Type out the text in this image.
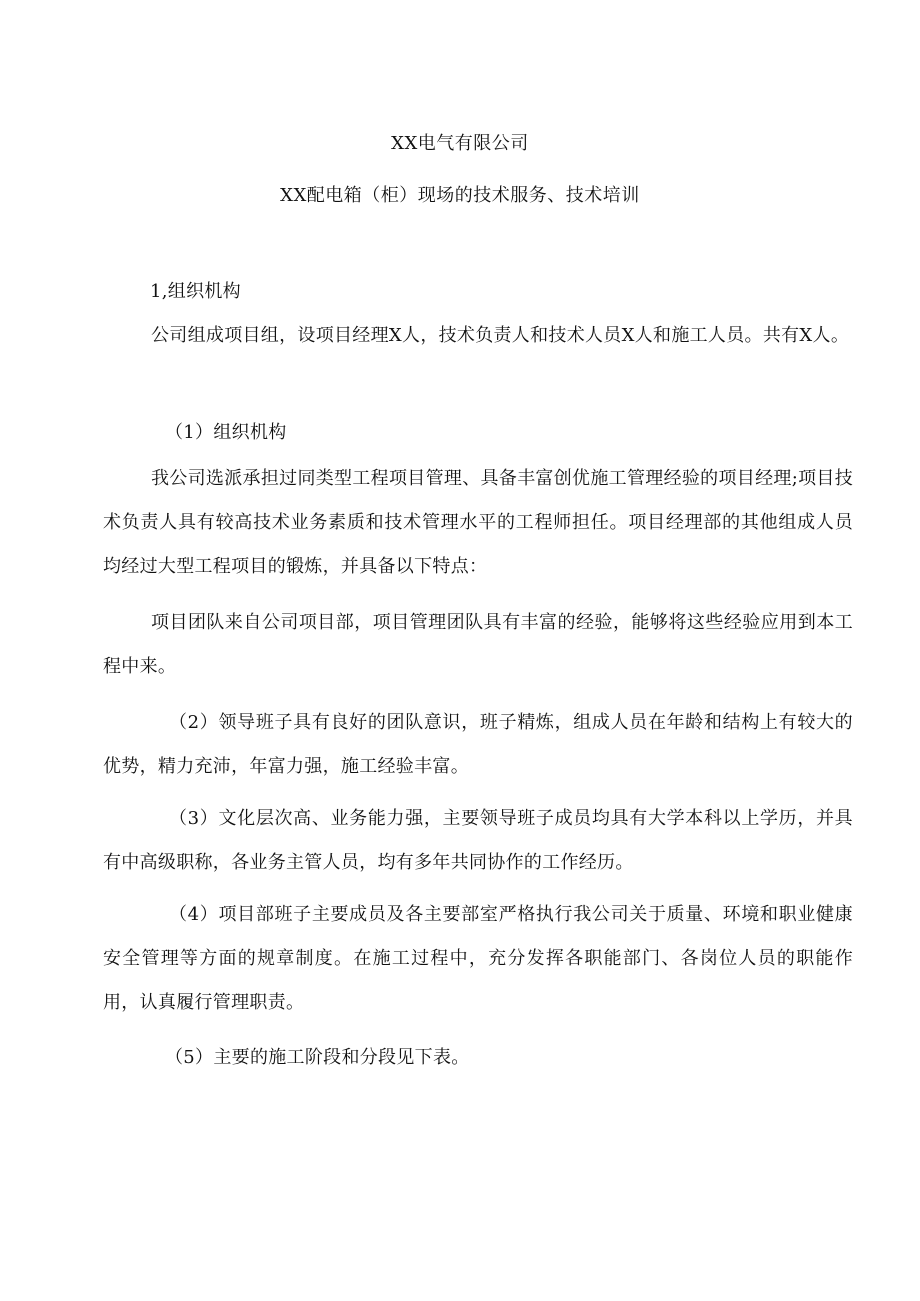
XX电气有限公司
XX配电箱（柜）现场的技术服务、技术培训
1,组织机构
公司组成项目组，设项目经理X人，技术负责人和技术人员X人和施工人员。共有X人。
（1）组织机构
我公司选派承担过同类型工程项目管理、具备丰富创优施工管理经验的项目经理;项目技术负责人具有较高技术业务素质和技术管理水平的工程师担任。项目经理部的其他组成人员均经过大型工程项目的锻炼，并具备以下特点：
项目团队来自公司项目部，项目管理团队具有丰富的经验，能够将这些经验应用到本工程中来。
（2）领导班子具有良好的团队意识，班子精炼，组成人员在年龄和结构上有较大的优势，精力充沛，年富力强，施工经验丰富。
（3）文化层次高、业务能力强，主要领导班子成员均具有大学本科以上学历，并具有中高级职称，各业务主管人员，均有多年共同协作的工作经历。
（4）项目部班子主要成员及各主要部室严格执行我公司关于质量、环境和职业健康安全管理等方面的规章制度。在施工过程中，充分发挥各职能部门、各岗位人员的职能作用，认真履行管理职责。
（5）主要的施工阶段和分段见下表。
